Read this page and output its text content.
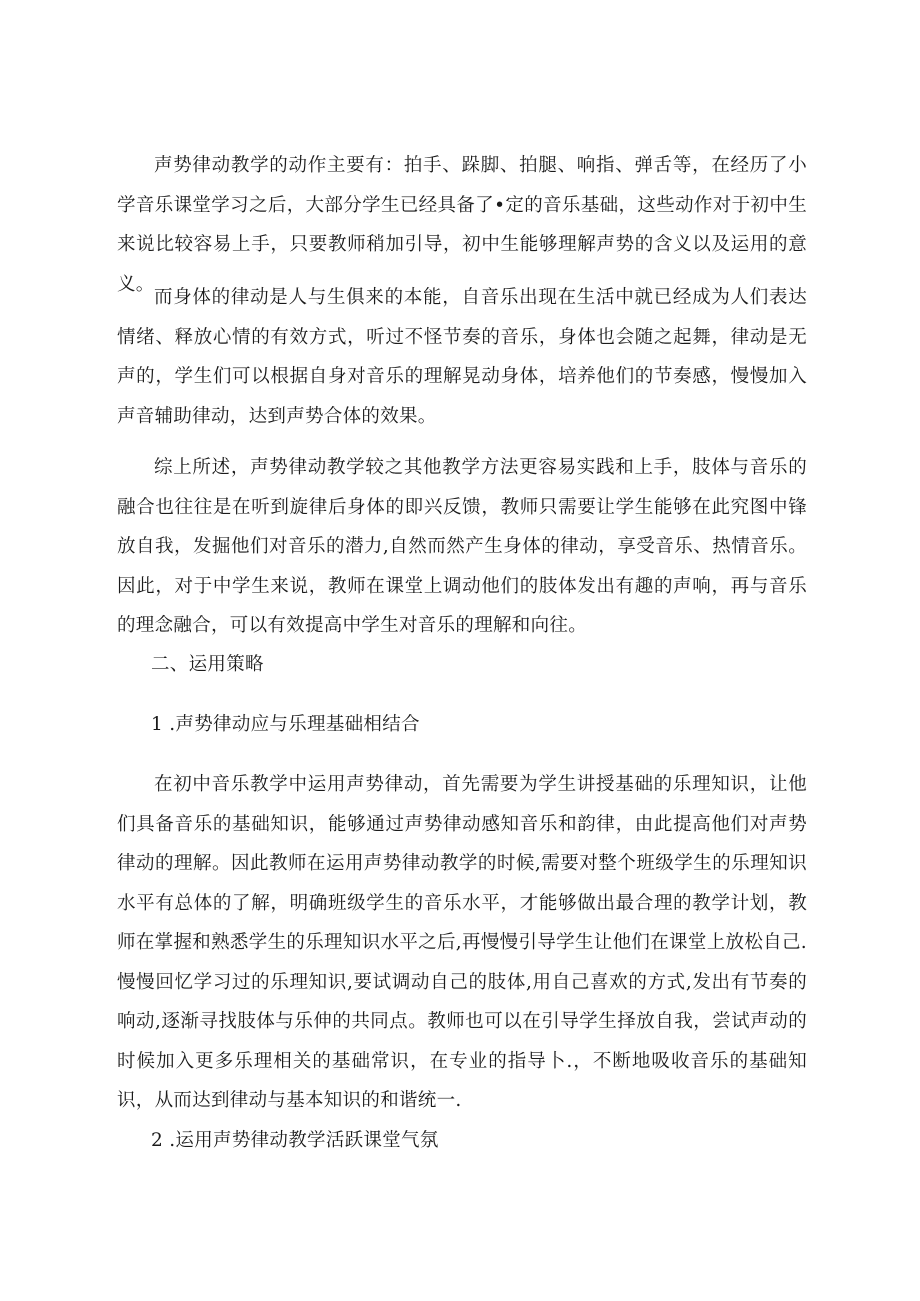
声势律动教学的动作主要有：拍手、跺脚、拍腿、响指、弹舌等，在经历了小学音乐课堂学习之后，大部分学生已经具备了•定的音乐基础，这些动作对于初中生来说比较容易上手，只要教师稍加引导，初中生能够理解声势的含义以及运用的意义。

而身体的律动是人与生俱来的本能，自音乐出现在生活中就已经成为人们表达情绪、释放心情的有效方式，听过不怪节奏的音乐，身体也会随之起舞，律动是无声的，学生们可以根据自身对音乐的理解晃动身体，培养他们的节奏感，慢慢加入声音辅助律动，达到声势合体的效果。

综上所述，声势律动教学较之其他教学方法更容易实践和上手，肢体与音乐的融合也往往是在听到旋律后身体的即兴反馈，教师只需要让学生能够在此究图中锋放自我，发掘他们对音乐的潜力,自然而然产生身体的律动，享受音乐、热情音乐。因此，对于中学生来说，教师在课堂上调动他们的肢体发出有趣的声响，再与音乐的理念融合，可以有效提高中学生对音乐的理解和向往。

二、运用策略
1 .声势律动应与乐理基础相结合

在初中音乐教学中运用声势律动，首先需要为学生讲授基础的乐理知识，让他们具备音乐的基础知识，能够通过声势律动感知音乐和韵律，由此提高他们对声势律动的理解。因此教师在运用声势律动教学的时候,需要对整个班级学生的乐理知识水平有总体的了解，明确班级学生的音乐水平，才能够做出最合理的教学计划，教师在掌握和熟悉学生的乐理知识水平之后,再慢慢引导学生让他们在课堂上放松自己.慢慢回忆学习过的乐理知识,要试调动自己的肢体,用自己喜欢的方式,发出有节奏的响动,逐渐寻找肢体与乐伸的共同点。教师也可以在引导学生择放自我，尝试声动的时候加入更多乐理相关的基础常识，在专业的指导卜.，不断地吸收音乐的基础知识，从而达到律动与基本知识的和谐统一.

2 .运用声势律动教学活跃课堂气氛
